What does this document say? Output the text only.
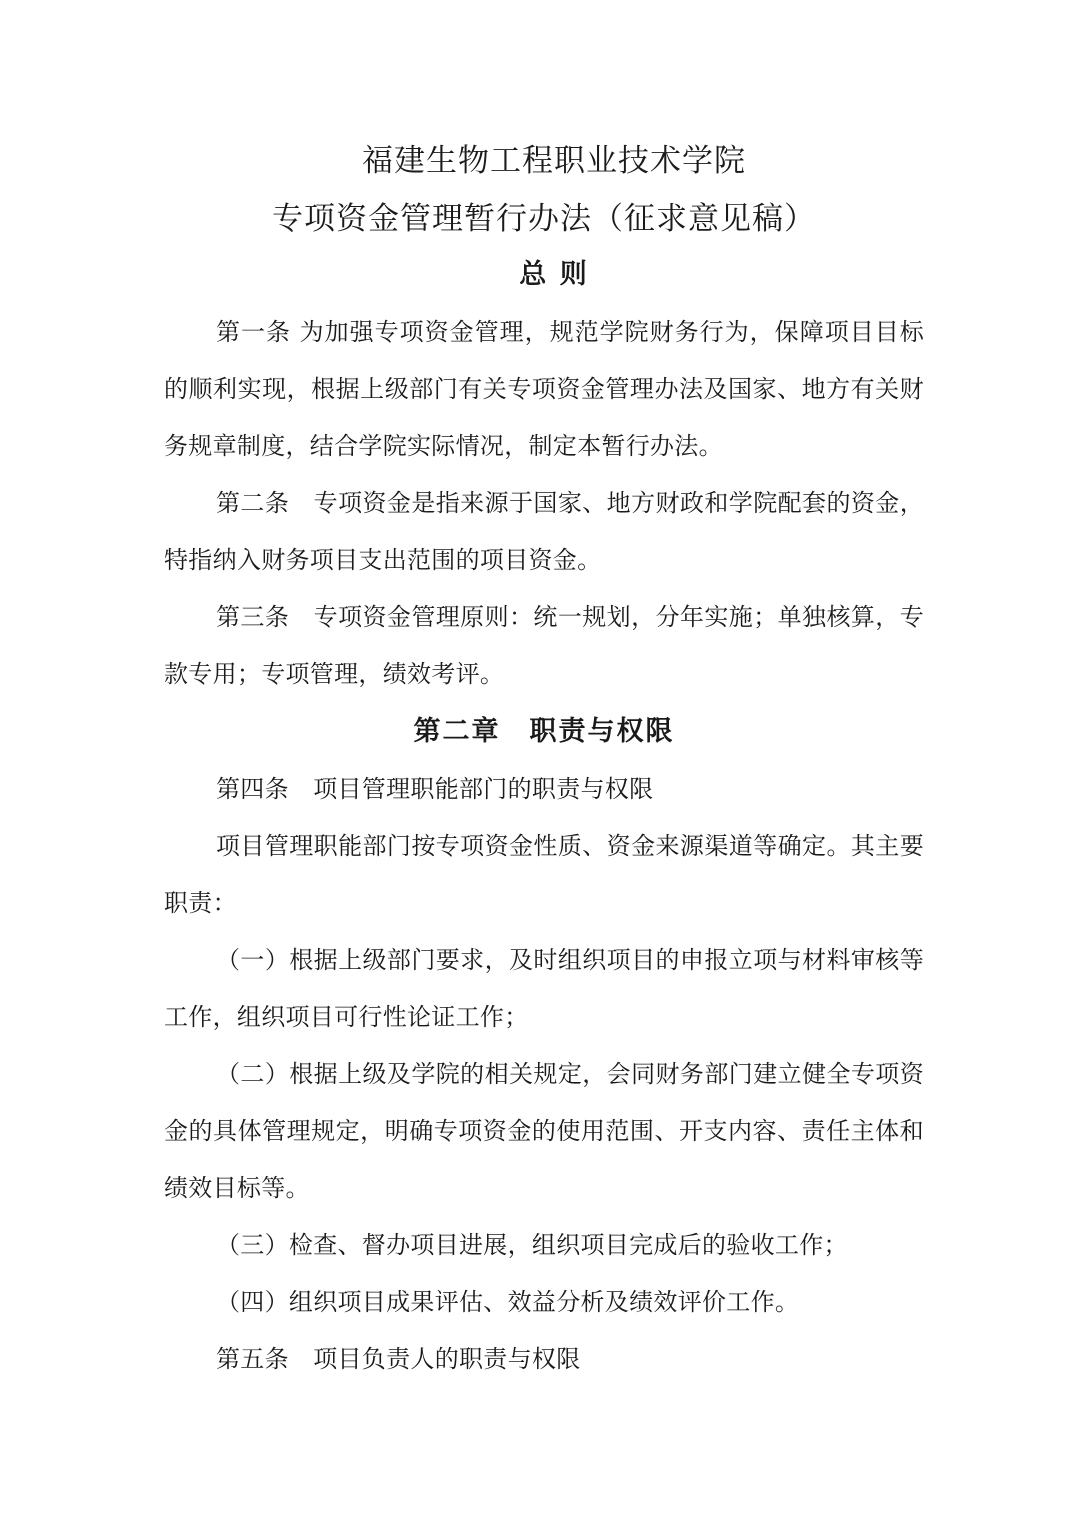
福建生物工程职业技术学院
专项资金管理暂行办法（征求意见稿）
总 则

第一条 为加强专项资金管理，规范学院财务行为，保障项目目标的顺利实现，根据上级部门有关专项资金管理办法及国家、地方有关财务规章制度，结合学院实际情况，制定本暂行办法。

第二条　专项资金是指来源于国家、地方财政和学院配套的资金，特指纳入财务项目支出范围的项目资金。

第三条　专项资金管理原则：统一规划，分年实施；单独核算，专款专用；专项管理，绩效考评。

第二章　职责与权限

第四条　项目管理职能部门的职责与权限

项目管理职能部门按专项资金性质、资金来源渠道等确定。其主要职责：

（一）根据上级部门要求，及时组织项目的申报立项与材料审核等工作，组织项目可行性论证工作；

（二）根据上级及学院的相关规定，会同财务部门建立健全专项资金的具体管理规定，明确专项资金的使用范围、开支内容、责任主体和绩效目标等。

（三）检查、督办项目进展，组织项目完成后的验收工作；

（四）组织项目成果评估、效益分析及绩效评价工作。

第五条　项目负责人的职责与权限
